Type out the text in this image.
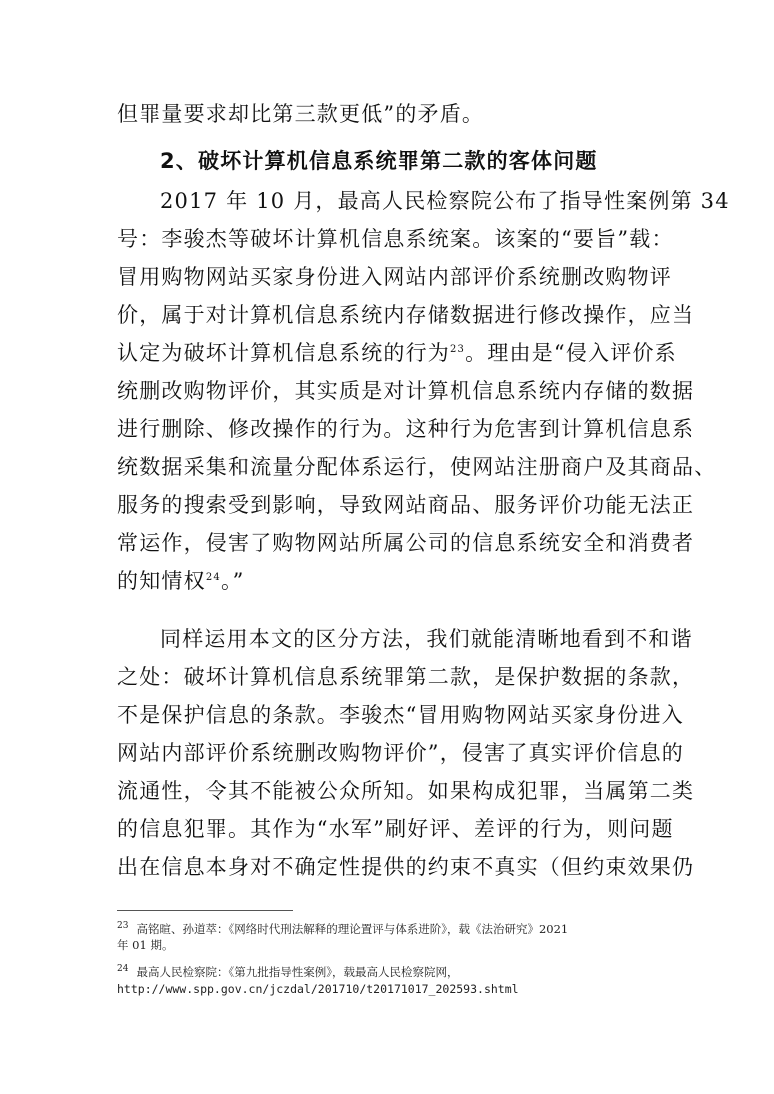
但罪量要求却比第三款更低”的矛盾。
2、破坏计算机信息系统罪第二款的客体问题
2017 年 10 月，最高人民检察院公布了指导性案例第 34
号：李骏杰等破坏计算机信息系统案。该案的“要旨”载：
冒用购物网站买家身份进入网站内部评价系统删改购物评
价，属于对计算机信息系统内存储数据进行修改操作，应当
认定为破坏计算机信息系统的行为$^{23}$。理由是“侵入评价系
统删改购物评价，其实质是对计算机信息系统内存储的数据
进行删除、修改操作的行为。这种行为危害到计算机信息系
统数据采集和流量分配体系运行，使网站注册商户及其商品、
服务的搜索受到影响，导致网站商品、服务评价功能无法正
常运作，侵害了购物网站所属公司的信息系统安全和消费者
的知情权$^{24}$。”
同样运用本文的区分方法，我们就能清晰地看到不和谐
之处：破坏计算机信息系统罪第二款，是保护数据的条款，
不是保护信息的条款。李骏杰“冒用购物网站买家身份进入
网站内部评价系统删改购物评价”，侵害了真实评价信息的
流通性，令其不能被公众所知。如果构成犯罪，当属第二类
的信息犯罪。其作为“水军”刷好评、差评的行为，则问题
出在信息本身对不确定性提供的约束不真实（但约束效果仍
$^{23}$ 高铭暄、孙道萃：《网络时代刑法解释的理论置评与体系进阶》，载《法治研究》2021
年 01 期。
$^{24}$ 最高人民检察院：《第九批指导性案例》，载最高人民检察院网，
http://www.spp.gov.cn/jczdal/201710/t20171017_202593.shtml
